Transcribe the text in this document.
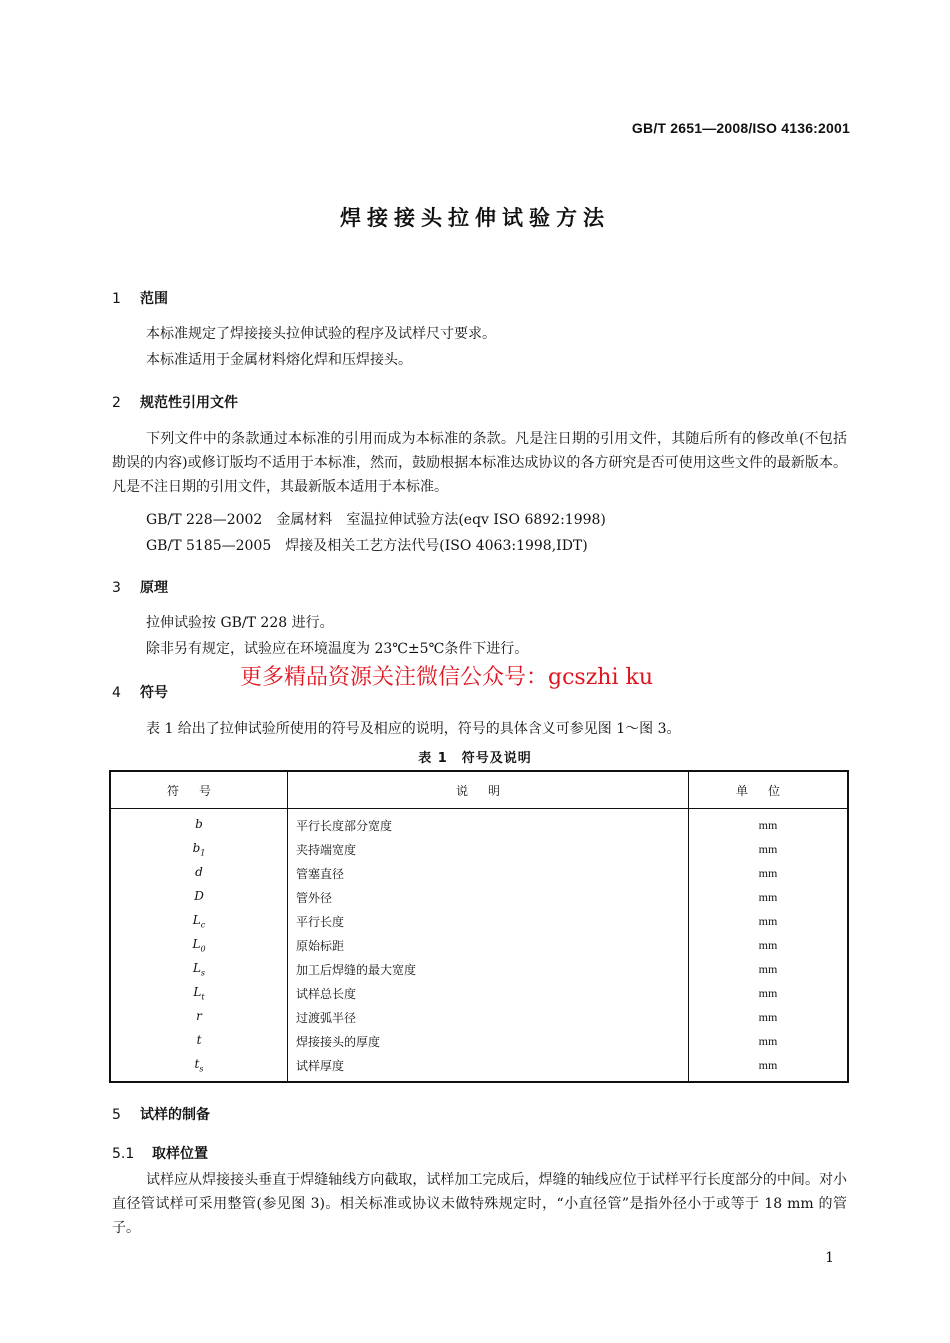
GB/T 2651—2008/ISO 4136:2001
焊接接头拉伸试验方法
1 范围
本标准规定了焊接接头拉伸试验的程序及试样尺寸要求。
本标准适用于金属材料熔化焊和压焊接头。
2 规范性引用文件
下列文件中的条款通过本标准的引用而成为本标准的条款。凡是注日期的引用文件，其随后所有的修改单(不包括勘误的内容)或修订版均不适用于本标准，然而，鼓励根据本标准达成协议的各方研究是否可使用这些文件的最新版本。凡是不注日期的引用文件，其最新版本适用于本标准。
GB/T 228—2002　金属材料　室温拉伸试验方法(eqv ISO 6892:1998)
GB/T 5185—2005　焊接及相关工艺方法代号(ISO 4063:1998,IDT)
3 原理
拉伸试验按 GB/T 228 进行。
除非另有规定，试验应在环境温度为 23℃±5℃条件下进行。
更多精品资源关注微信公众号：gcszhi ku
4 符号
表 1 给出了拉伸试验所使用的符号及相应的说明，符号的具体含义可参见图 1～图 3。
表 1　符号及说明
符号	说明	单位
b	平行长度部分宽度	mm
$b_1$	夹持端宽度	mm
d	管塞直径	mm
D	管外径	mm
$L_c$	平行长度	mm
$L_0$	原始标距	mm
$L_s$	加工后焊缝的最大宽度	mm
$L_t$	试样总长度	mm
r	过渡弧半径	mm
t	焊接接头的厚度	mm
$t_s$	试样厚度	mm
5 试样的制备
5.1 取样位置
试样应从焊接接头垂直于焊缝轴线方向截取，试样加工完成后，焊缝的轴线应位于试样平行长度部分的中间。对小直径管试样可采用整管(参见图 3)。相关标准或协议未做特殊规定时，“小直径管”是指外径小于或等于 18 mm 的管子。
1
